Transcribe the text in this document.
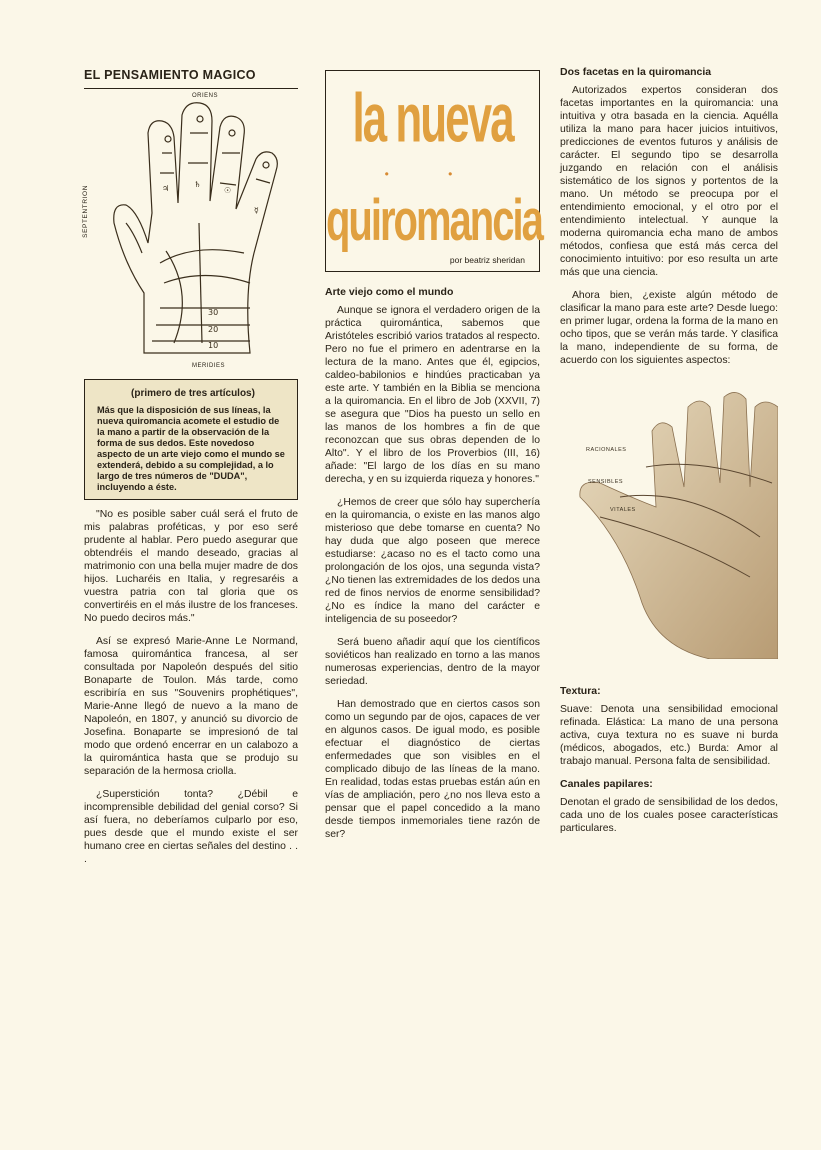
EL PENSAMIENTO MAGICO
SEPTENTRION
ORIENS
♃	♄
☉
☿
30
20
10
MERIDIES
(primero de tres artículos)

Más que la disposición de sus líneas, la nueva quiromancia acomete el estudio de la mano a partir de la observación de la forma de sus dedos. Este novedoso aspecto de un arte viejo como el mundo se extenderá, debido a su complejidad, a lo largo de tres números de "DUDA", incluyendo a éste.

"No es posible saber cuál será el fruto de mis palabras proféticas, y por eso seré prudente al hablar. Pero puedo asegurar que obtendréis el mando deseado, gracias al matrimonio con una bella mujer madre de dos hijos. Lucharéis en Italia, y regresaréis a vuestra patria con tal gloria que os convertiréis en el más ilustre de los franceses. No puedo deciros más."

Así se expresó Marie-Anne Le Normand, famosa quiromántica francesa, al ser consultada por Napoleón después del sitio Bonaparte de Toulon. Más tarde, como escribiría en sus "Souvenirs prophétiques", Marie-Anne llegó de nuevo a la mano de Napoleón, en 1807, y anunció su divorcio de Josefina. Bonaparte se impresionó de tal modo que ordenó encerrar en un calabozo a la quiromántica hasta que se produjo su separación de la hermosa criolla.

¿Superstición tonta? ¿Débil e incomprensible debilidad del genial corso? Si así fuera, no deberíamos culparlo por eso, pues desde que el mundo existe el ser humano cree en ciertas señales del destino . . .

la nueva
• •
quiromancia
por beatriz sheridan
Arte viejo como el mundo

Aunque se ignora el verdadero origen de la práctica quiromántica, sabemos que Aristóteles escribió varios tratados al respecto. Pero no fue el primero en adentrarse en la lectura de la mano. Antes que él, egipcios, caldeo-babilonios e hindúes practicaban ya este arte. Y también en la Biblia se menciona a la quiromancia. En el libro de Job (XXVII, 7) se asegura que "Dios ha puesto un sello en las manos de los hombres a fin de que reconozcan que sus obras dependen de lo Alto". Y el libro de los Proverbios (III, 16) añade: "El largo de los días en su mano derecha, y en su izquierda riqueza y honores."

¿Hemos de creer que sólo hay superchería en la quiromancia, o existe en las manos algo misterioso que debe tomarse en cuenta? No hay duda que algo poseen que merece estudiarse: ¿acaso no es el tacto como una prolongación de los ojos, una segunda vista? ¿No tienen las extremidades de los dedos una red de finos nervios de enorme sensibilidad? ¿No es índice la mano del carácter e inteligencia de su poseedor?

Será bueno añadir aquí que los científicos soviéticos han realizado en torno a las manos numerosas experiencias, dentro de la mayor seriedad.

Han demostrado que en ciertos casos son como un segundo par de ojos, capaces de ver en algunos casos. De igual modo, es posible efectuar el diagnóstico de ciertas enfermedades que son visibles en el complicado dibujo de las líneas de la mano. En realidad, todas estas pruebas están aún en vías de ampliación, pero ¿no nos lleva esto a pensar que el papel concedido a la mano desde tiempos inmemoriales tiene razón de ser?

Dos facetas en la quiromancia

Autorizados expertos consideran dos facetas importantes en la quiromancia: una intuitiva y otra basada en la ciencia. Aquélla utiliza la mano para hacer juicios intuitivos, predicciones de eventos futuros y análisis de carácter. El segundo tipo se desarrolla juzgando en relación con el análisis sistemático de los signos y portentos de la mano. Un método se preocupa por el entendimiento emocional, y el otro por el entendimiento intelectual. Y aunque la moderna quiromancia echa mano de ambos métodos, confiesa que está más cerca del conocimiento intuitivo: por eso resulta un arte más que una ciencia.

Ahora bien, ¿existe algún método de clasificar la mano para este arte? Desde luego: en primer lugar, ordena la forma de la mano en ocho tipos, que se verán más tarde. Y clasifica la mano, independiente de su forma, de acuerdo con los siguientes aspectos:

RACIONALES
SENSIBLES
VITALES
Textura:

Suave: Denota una sensibilidad emocional refinada. Elástica: La mano de una persona activa, cuya textura no es suave ni burda (médicos, abogados, etc.) Burda: Amor al trabajo manual. Persona falta de sensibilidad.

Canales papilares:

Denotan el grado de sensibilidad de los dedos, cada uno de los cuales posee características particulares.
